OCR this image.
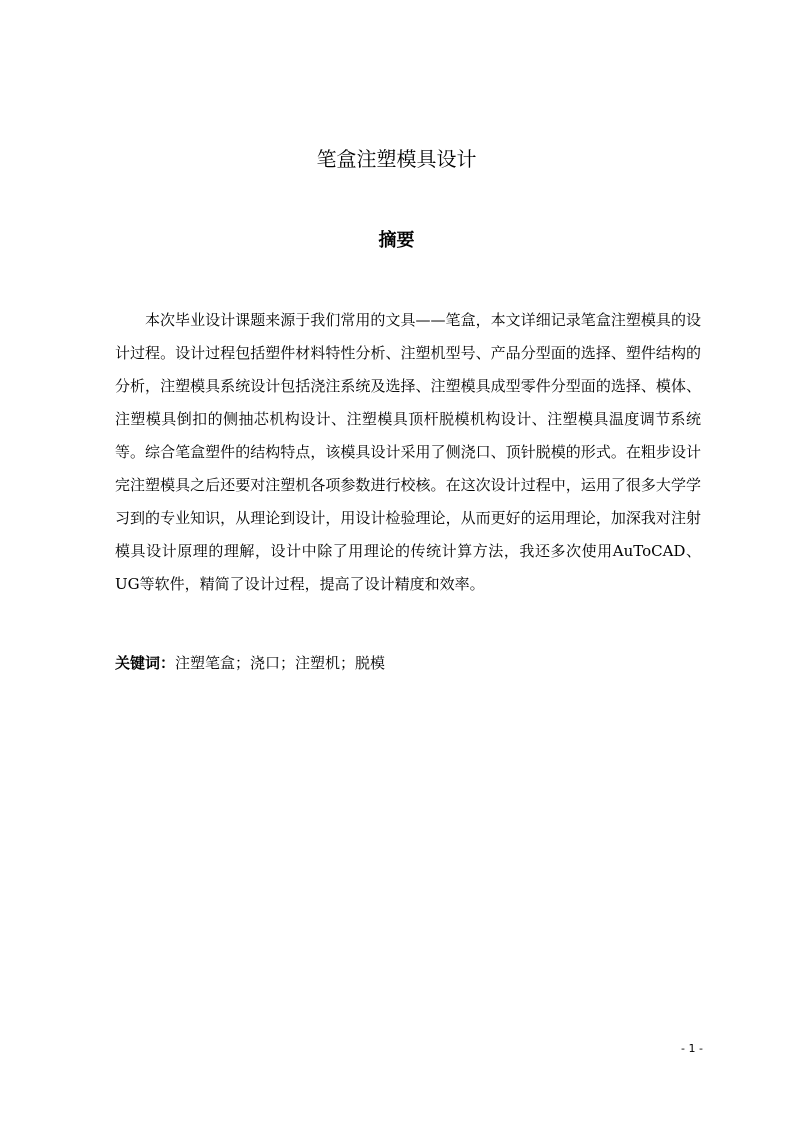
笔盒注塑模具设计
摘要

本次毕业设计课题来源于我们常用的文具——笔盒，本文详细记录笔盒注塑模具的设计过程。设计过程包括塑件材料特性分析、注塑机型号、产品分型面的选择、塑件结构的分析，注塑模具系统设计包括浇注系统及选择、注塑模具成型零件分型面的选择、模体、注塑模具倒扣的侧抽芯机构设计、注塑模具顶杆脱模机构设计、注塑模具温度调节系统等。综合笔盒塑件的结构特点，该模具设计采用了侧浇口、顶针脱模的形式。在粗步设计完注塑模具之后还要对注塑机各项参数进行校核。在这次设计过程中，运用了很多大学学习到的专业知识，从理论到设计，用设计检验理论，从而更好的运用理论，加深我对注射模具设计原理的理解，设计中除了用理论的传统计算方法，我还多次使用AuToCAD、UG等软件，精简了设计过程，提高了设计精度和效率。

关键词：注塑笔盒；浇口；注塑机；脱模
- 1 -
